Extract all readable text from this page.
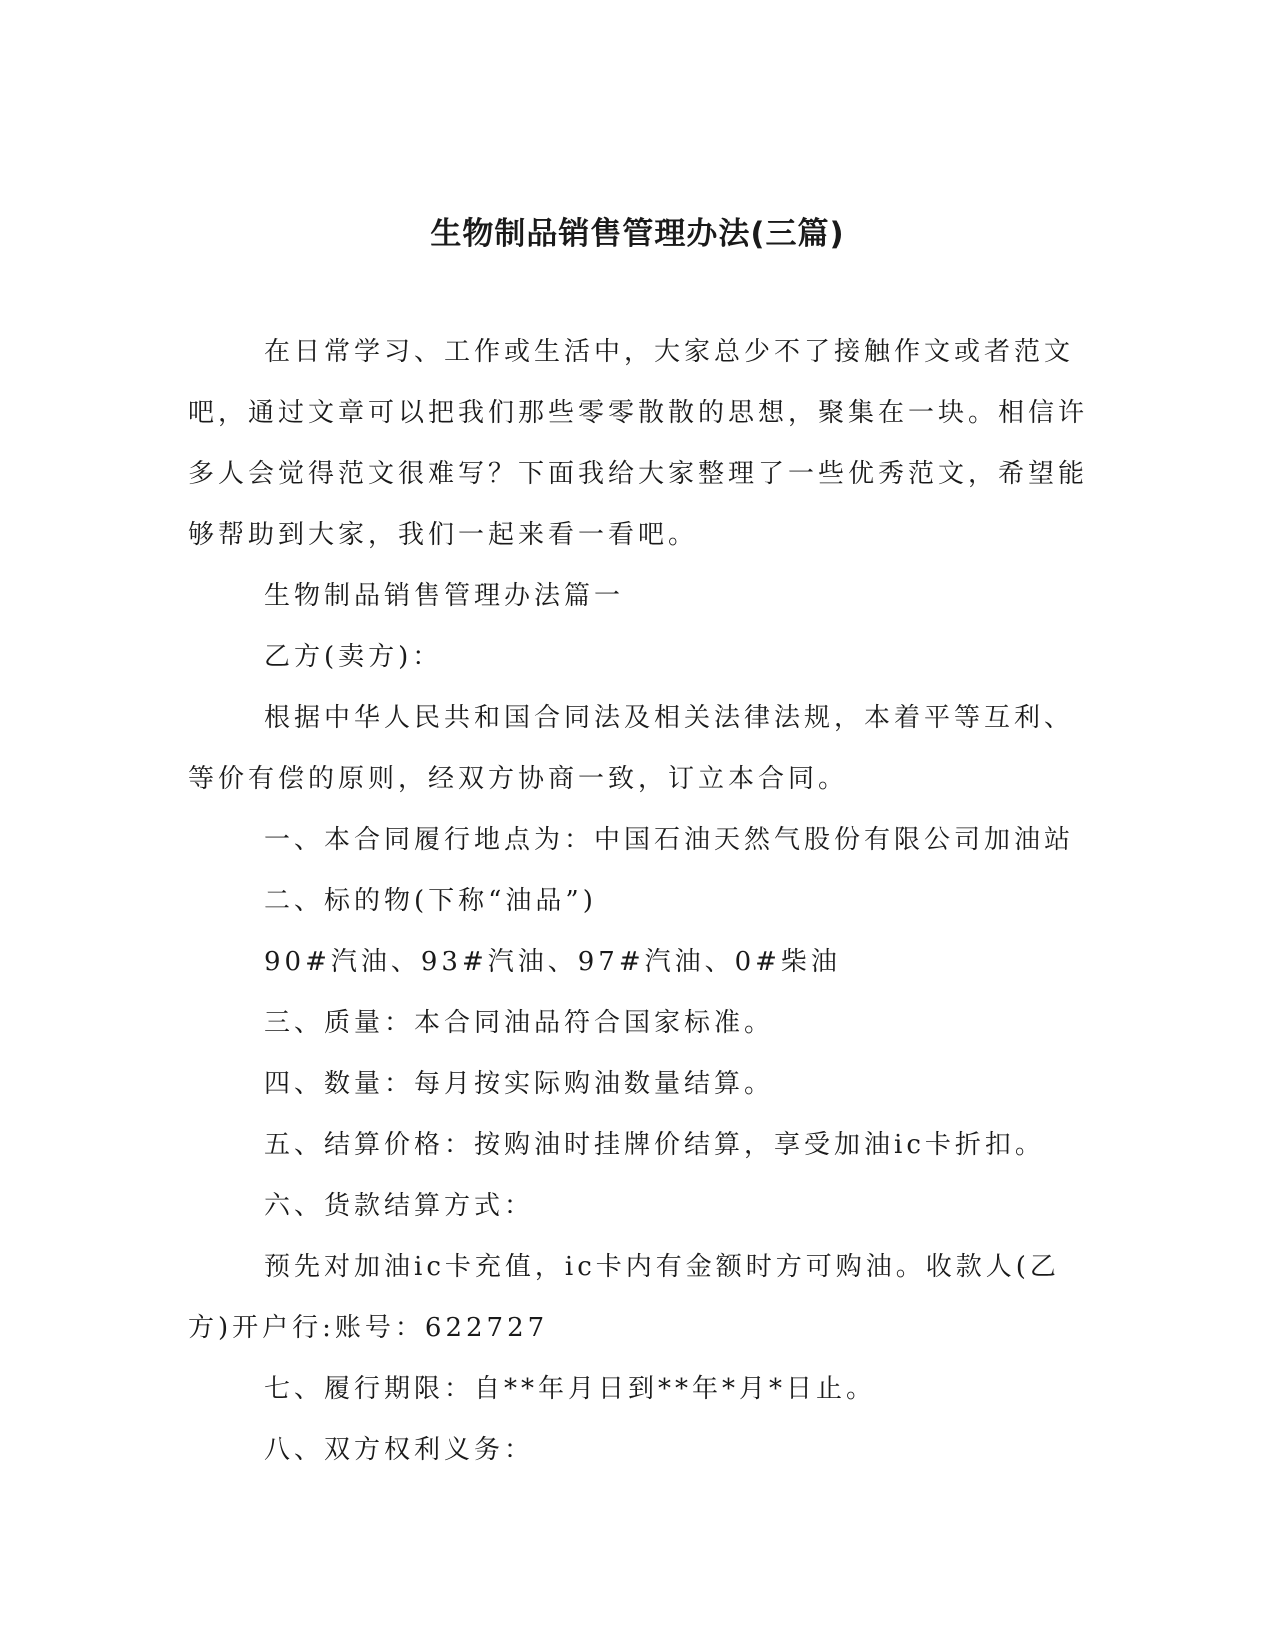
生物制品销售管理办法(三篇)

在日常学习、工作或生活中，大家总少不了接触作文或者范文吧，通过文章可以把我们那些零零散散的思想，聚集在一块。相信许多人会觉得范文很难写？下面我给大家整理了一些优秀范文，希望能够帮助到大家，我们一起来看一看吧。

生物制品销售管理办法篇一

乙方(卖方)：

根据中华人民共和国合同法及相关法律法规，本着平等互利、等价有偿的原则，经双方协商一致，订立本合同。

一、本合同履行地点为：中国石油天然气股份有限公司加油站

二、标的物(下称“油品”)

90#汽油、93#汽油、97#汽油、0#柴油

三、质量：本合同油品符合国家标准。

四、数量：每月按实际购油数量结算。

五、结算价格：按购油时挂牌价结算，享受加油ic卡折扣。

六、货款结算方式：

预先对加油ic卡充值，ic卡内有金额时方可购油。收款人(乙方)开户行:账号：622727

七、履行期限：自**年月日到**年*月*日止。

八、双方权利义务：
